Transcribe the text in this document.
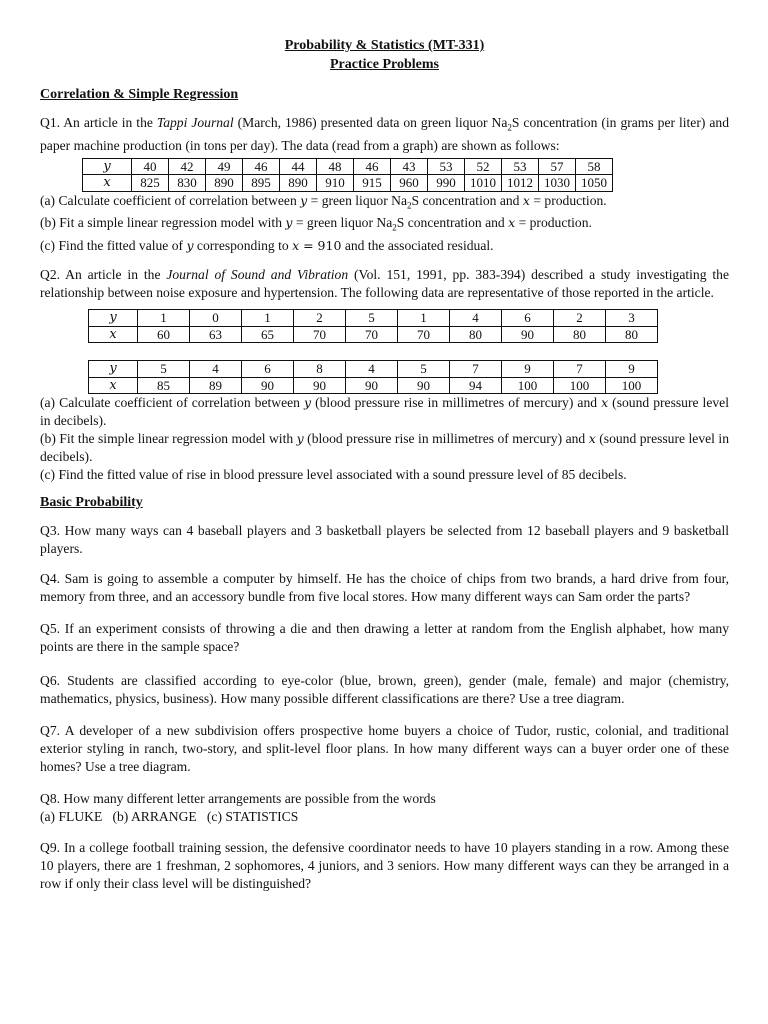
Probability & Statistics (MT-331)
Practice Problems
Correlation & Simple Regression

Q1. An article in the Tappi Journal (March, 1986) presented data on green liquor $Na_2S$ concentration (in grams per liter) and paper machine production (in tons per day). The data (read from a graph) are shown as follows:

y	40	42	49	46	44	48	46	43	53	52	53	57	58
x	825	830	890	895	890	910	915	960	990	1010	1012	1030	1050

(a) Calculate coefficient of correlation between y = green liquor $Na_2S$ concentration and x = production.

(b) Fit a simple linear regression model with y = green liquor $Na_2S$ concentration and x = production.

(c) Find the fitted value of y corresponding to x = 910 and the associated residual.

Q2. An article in the Journal of Sound and Vibration (Vol. 151, 1991, pp. 383-394) described a study investigating the relationship between noise exposure and hypertension. The following data are representative of those reported in the article.

y	1	0	1	2	5	1	4	6	2	3
x	60	63	65	70	70	70	80	90	80	80
y	5	4	6	8	4	5	7	9	7	9
x	85	89	90	90	90	90	94	100	100	100

(a) Calculate coefficient of correlation between y (blood pressure rise in millimetres of mercury) and x (sound pressure level in decibels).

(b) Fit the simple linear regression model with y (blood pressure rise in millimetres of mercury) and x (sound pressure level in decibels).

(c) Find the fitted value of rise in blood pressure level associated with a sound pressure level of 85 decibels.

Basic Probability

Q3. How many ways can 4 baseball players and 3 basketball players be selected from 12 baseball players and 9 basketball players.

Q4. Sam is going to assemble a computer by himself. He has the choice of chips from two brands, a hard drive from four, memory from three, and an accessory bundle from five local stores. How many different ways can Sam order the parts?

Q5. If an experiment consists of throwing a die and then drawing a letter at random from the English alphabet, how many points are there in the sample space?

Q6. Students are classified according to eye-color (blue, brown, green), gender (male, female) and major (chemistry, mathematics, physics, business). How many possible different classifications are there? Use a tree diagram.

Q7. A developer of a new subdivision offers prospective home buyers a choice of Tudor, rustic, colonial, and traditional exterior styling in ranch, two-story, and split-level floor plans. In how many different ways can a buyer order one of these homes? Use a tree diagram.

Q8. How many different letter arrangements are possible from the words

(a) FLUKE   (b) ARRANGE   (c) STATISTICS

Q9. In a college football training session, the defensive coordinator needs to have 10 players standing in a row. Among these 10 players, there are 1 freshman, 2 sophomores, 4 juniors, and 3 seniors. How many different ways can they be arranged in a row if only their class level will be distinguished?
